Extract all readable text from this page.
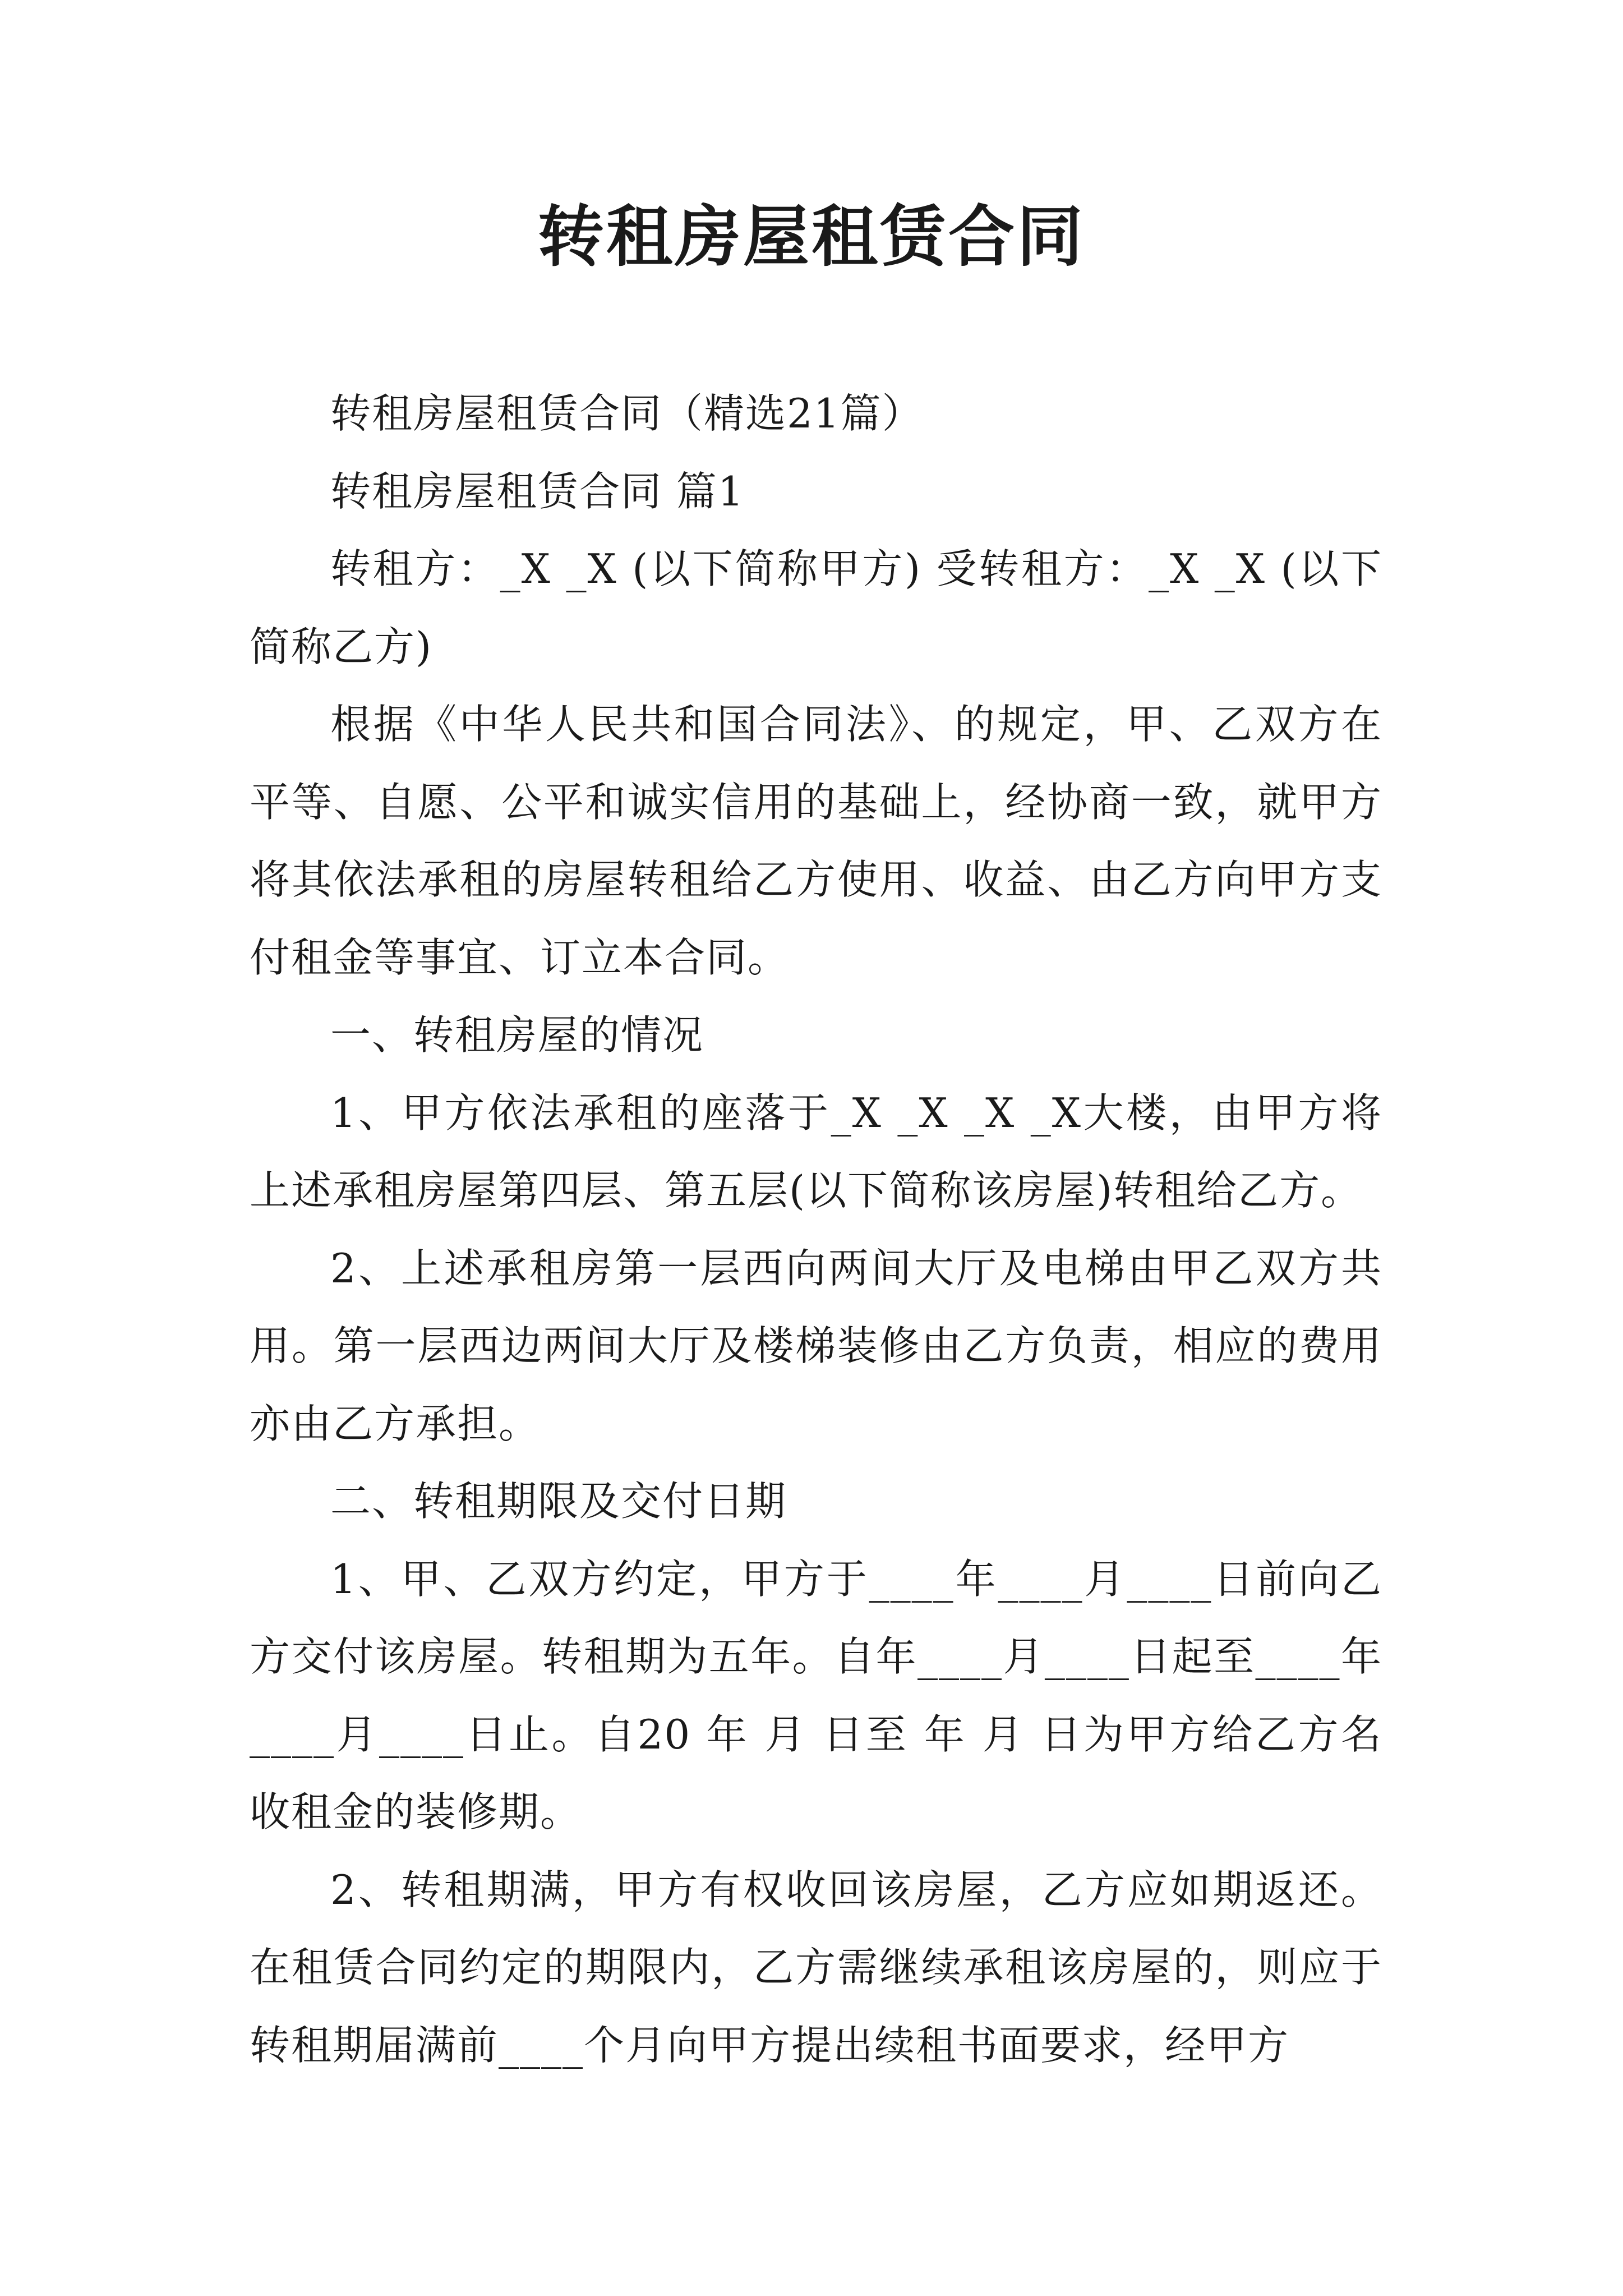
转租房屋租赁合同

转租房屋租赁合同（精选21篇）

转租房屋租赁合同 篇1

转租方：_X _X (以下简称甲方) 受转租方：_X _X (以下简称乙方)

根据《中华人民共和国合同法》、的规定，甲、乙双方在平等、自愿、公平和诚实信用的基础上，经协商一致，就甲方将其依法承租的房屋转租给乙方使用、收益、由乙方向甲方支付租金等事宜、订立本合同。

一、转租房屋的情况

1、甲方依法承租的座落于_X _X _X _X大楼，由甲方将上述承租房屋第四层、第五层(以下简称该房屋)转租给乙方。

2、上述承租房第一层西向两间大厅及电梯由甲乙双方共用。第一层西边两间大厅及楼梯装修由乙方负责，相应的费用亦由乙方承担。

二、转租期限及交付日期

1、甲、乙双方约定，甲方于____年____月____日前向乙方交付该房屋。转租期为五年。自年____月____日起至____年____月____日止。自20 年 月 日至 年 月 日为甲方给乙方名收租金的装修期。

2、转租期满，甲方有权收回该房屋，乙方应如期返还。在租赁合同约定的期限内，乙方需继续承租该房屋的，则应于转租期届满前____个月向甲方提出续租书面要求，经甲方
